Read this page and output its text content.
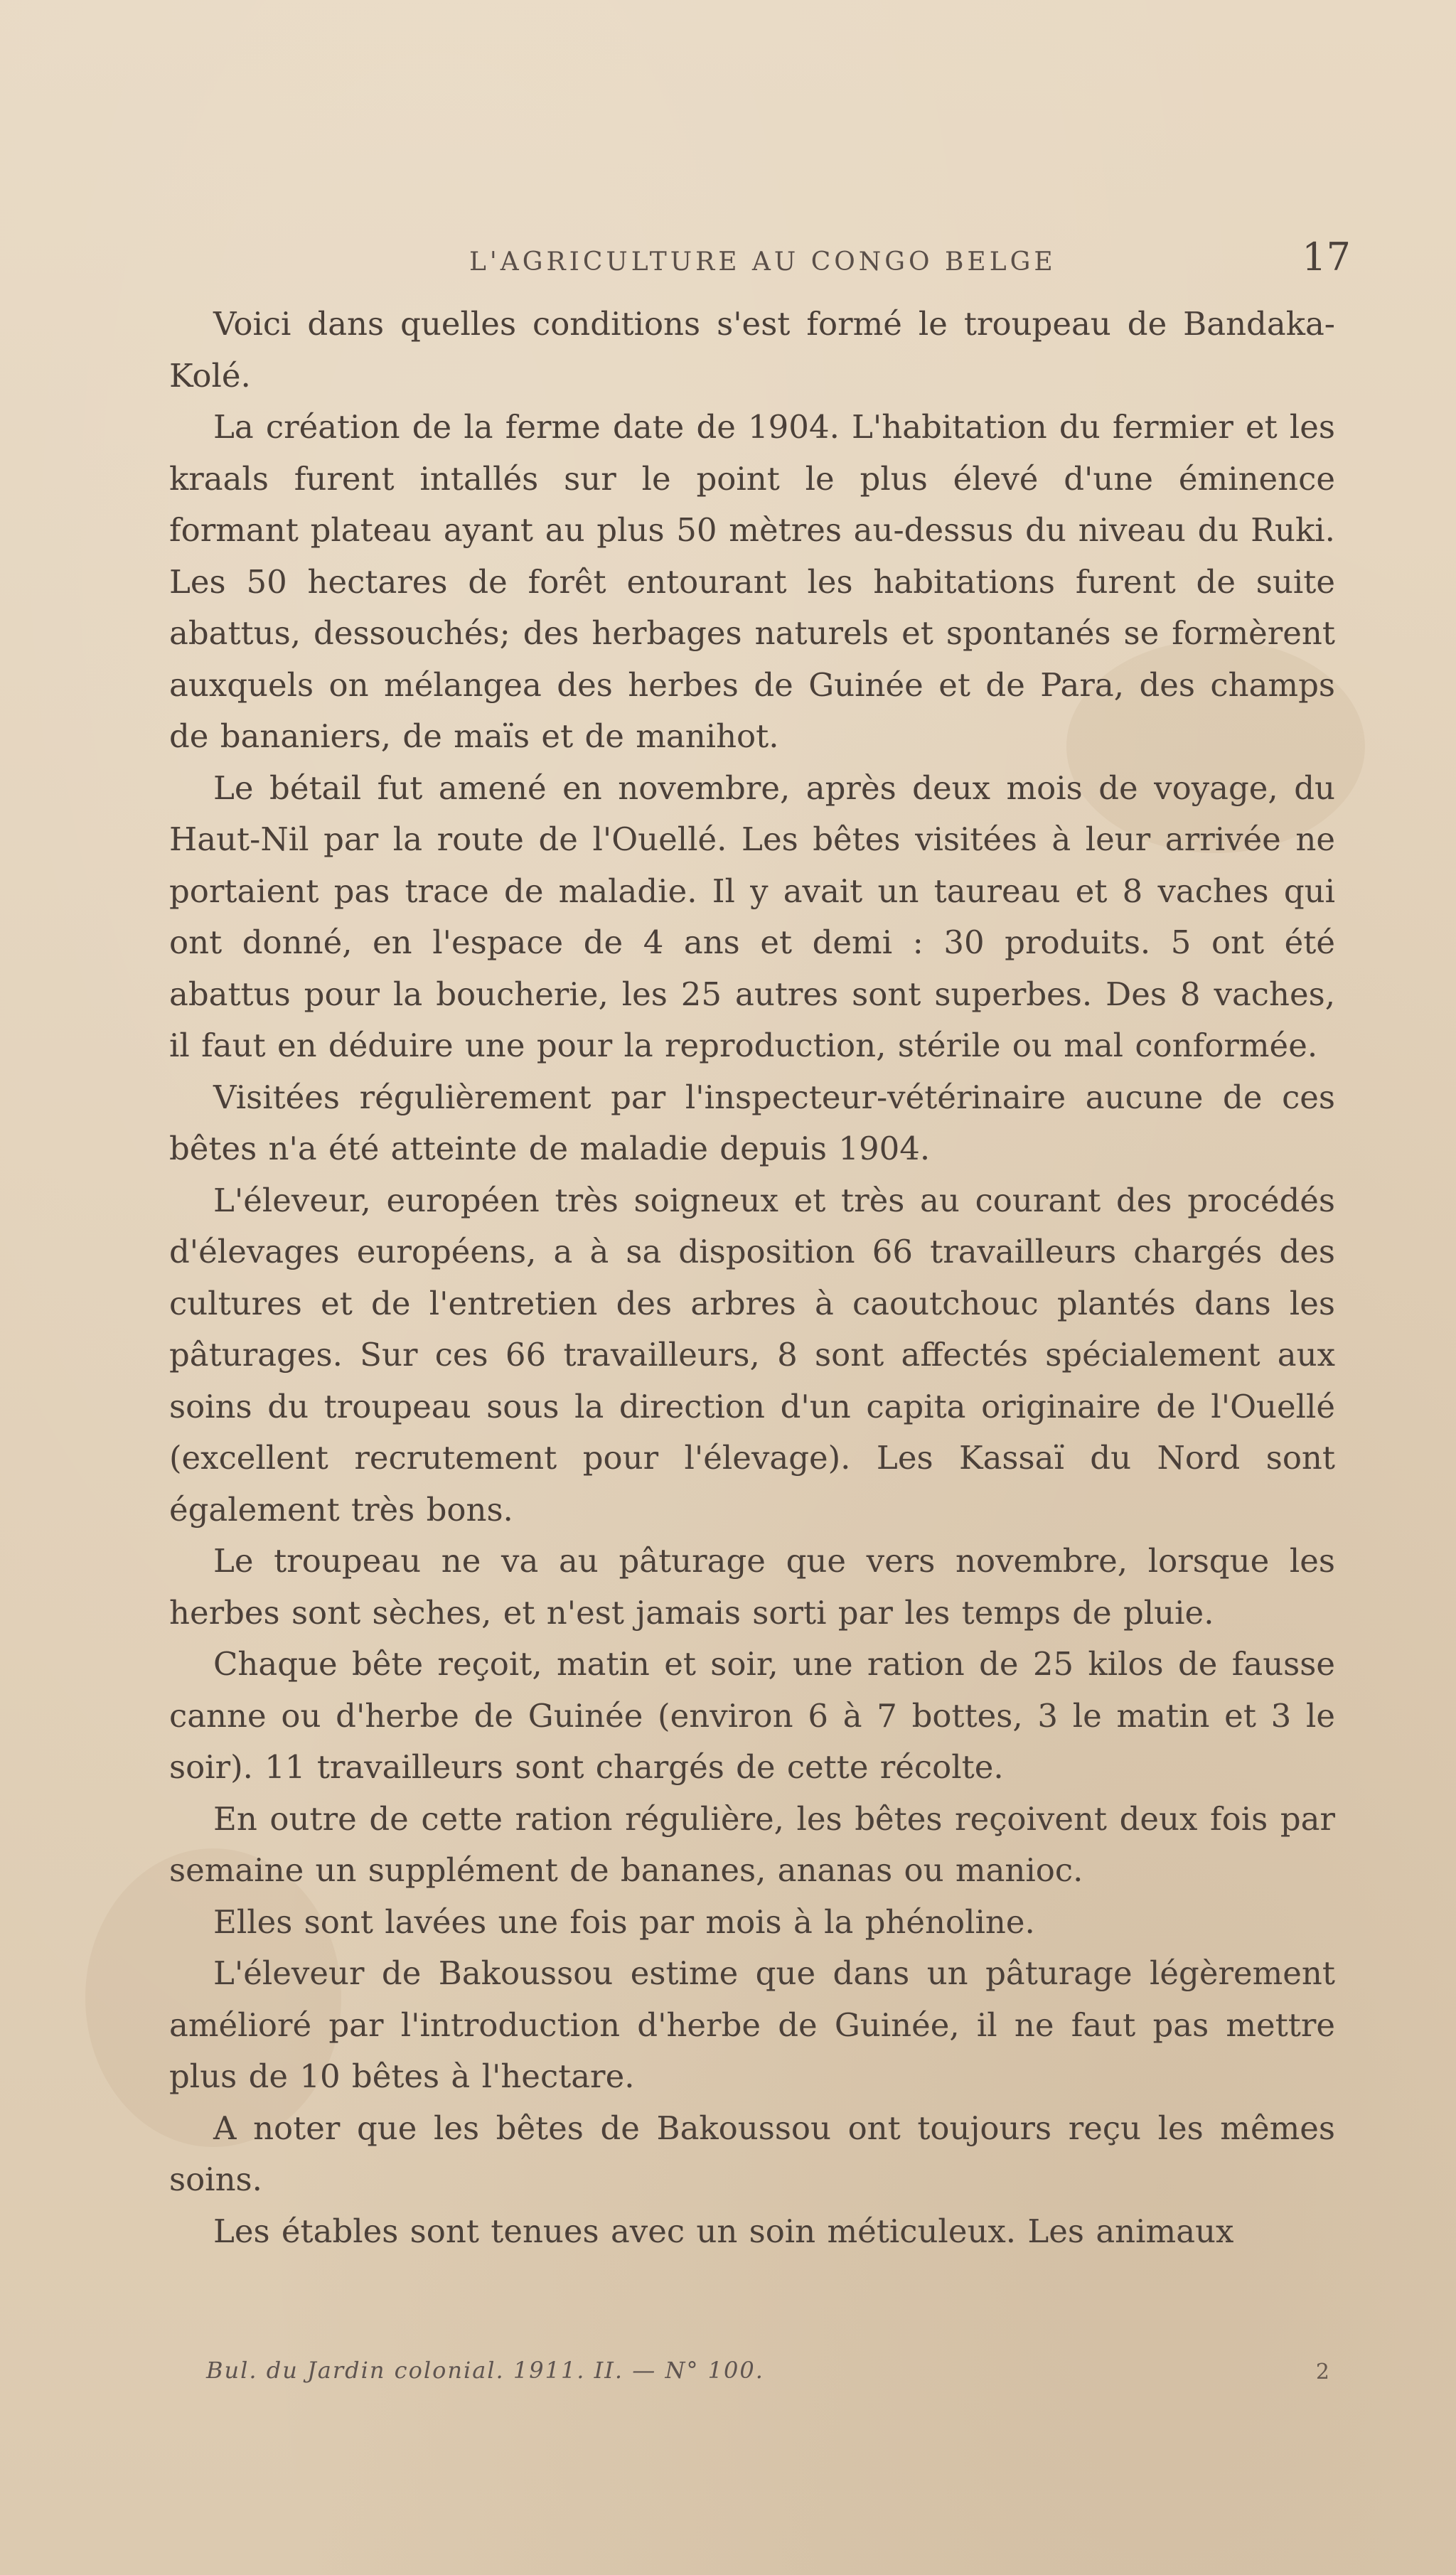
L'AGRICULTURE AU CONGO BELGE	17

Voici dans quelles conditions s'est formé le troupeau de Bandaka-Kolé.

La création de la ferme date de 1904. L'habitation du fermier et les kraals furent intallés sur le point le plus élevé d'une éminence formant plateau ayant au plus 50 mètres au-dessus du niveau du Ruki. Les 50 hectares de forêt entourant les habitations furent de suite abattus, dessouchés; des herbages naturels et spontanés se formèrent auxquels on mélangea des herbes de Guinée et de Para, des champs de bananiers, de maïs et de manihot.

Le bétail fut amené en novembre, après deux mois de voyage, du Haut-Nil par la route de l'Ouellé. Les bêtes visitées à leur arrivée ne portaient pas trace de maladie. Il y avait un taureau et 8 vaches qui ont donné, en l'espace de 4 ans et demi : 30 produits. 5 ont été abattus pour la boucherie, les 25 autres sont superbes. Des 8 vaches, il faut en déduire une pour la reproduction, stérile ou mal conformée.

Visitées régulièrement par l'inspecteur-vétérinaire aucune de ces bêtes n'a été atteinte de maladie depuis 1904.

L'éleveur, européen très soigneux et très au courant des procédés d'élevages européens, a à sa disposition 66 travailleurs chargés des cultures et de l'entretien des arbres à caoutchouc plantés dans les pâturages. Sur ces 66 travailleurs, 8 sont affectés spécialement aux soins du troupeau sous la direction d'un capita originaire de l'Ouellé (excellent recrutement pour l'élevage). Les Kassaï du Nord sont également très bons.

Le troupeau ne va au pâturage que vers novembre, lorsque les herbes sont sèches, et n'est jamais sorti par les temps de pluie.

Chaque bête reçoit, matin et soir, une ration de 25 kilos de fausse canne ou d'herbe de Guinée (environ 6 à 7 bottes, 3 le matin et 3 le soir). 11 travailleurs sont chargés de cette récolte.

En outre de cette ration régulière, les bêtes reçoivent deux fois par semaine un supplément de bananes, ananas ou manioc.

Elles sont lavées une fois par mois à la phénoline.

L'éleveur de Bakoussou estime que dans un pâturage légèrement amélioré par l'introduction d'herbe de Guinée, il ne faut pas mettre plus de 10 bêtes à l'hectare.

A noter que les bêtes de Bakoussou ont toujours reçu les mêmes soins.

Les étables sont tenues avec un soin méticuleux. Les animaux

Bul. du Jardin colonial. 1911. II. — N° 100.	2
